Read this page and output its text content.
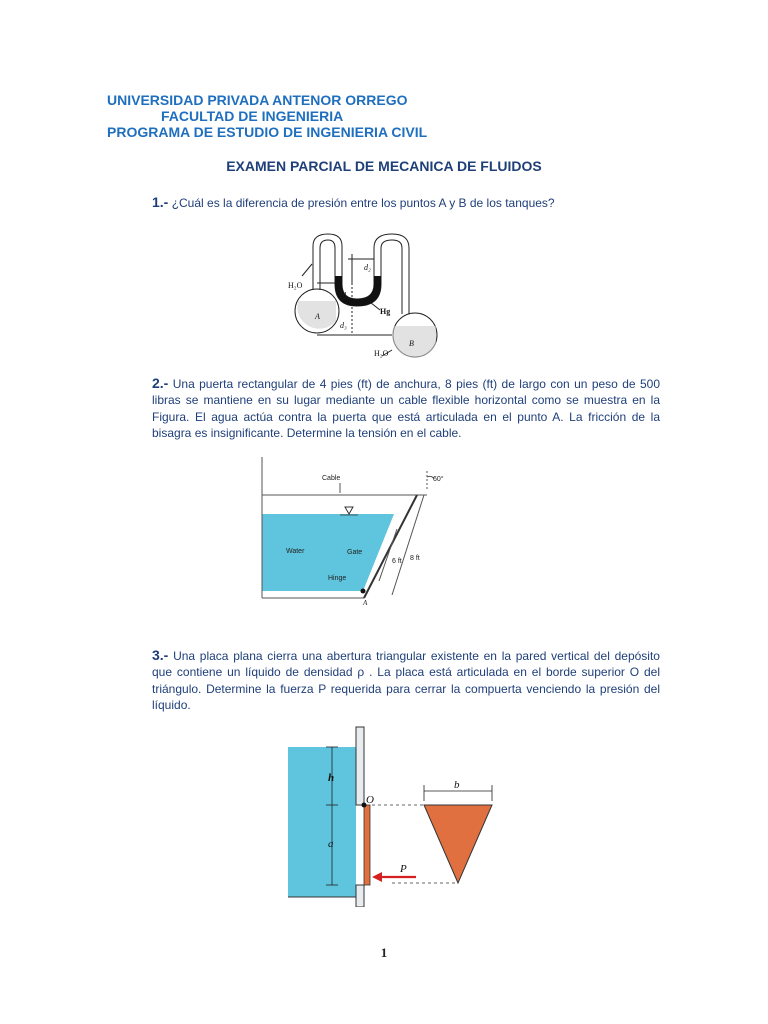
UNIVERSIDAD PRIVADA ANTENOR ORREGO

FACULTAD DE INGENIERIA

PROGRAMA DE ESTUDIO DE INGENIERIA CIVIL

EXAMEN PARCIAL DE MECANICA DE FLUIDOS

1.- ¿Cuál es la diferencia de presión entre los puntos A y B de los tanques?

H₂O
H₂O
d₁
d₂
d₃
Hg
A
B

2.- Una puerta rectangular de 4 pies (ft) de anchura, 8 pies (ft) de largo con un peso de 500 libras se mantiene en su lugar mediante un cable flexible horizontal como se muestra en la Figura. El agua actúa contra la puerta que está articulada en el punto A. La fricción de la bisagra es insignificante. Determine la tensión en el cable.

Cable	60°
Water	Gate
6 ft 8 ft
Hinge
A

3.- Una placa plana cierra una abertura triangular existente en la pared vertical del depósito que contiene un líquido de densidad ρ . La placa está articulada en el borde superior O del triángulo. Determine la fuerza P requerida para cerrar la compuerta venciendo la presión del líquido.

h
a
O
P
b
1
